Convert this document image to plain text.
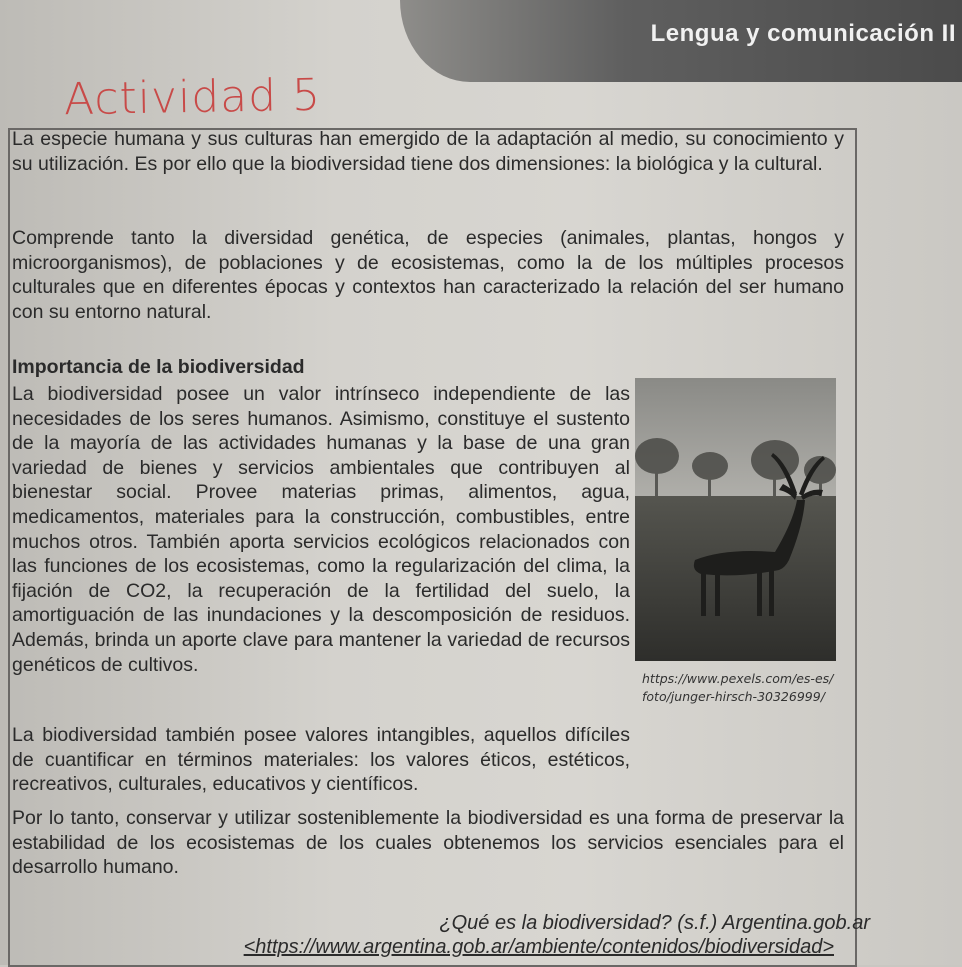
Lengua y comunicación II
Actividad 5
La especie humana y sus culturas han emergido de la adaptación al medio, su conocimiento y su utilización. Es por ello que la biodiversidad tiene dos dimensiones: la biológica y la cultural.
Comprende tanto la diversidad genética, de especies (animales, plantas, hongos y microorganismos), de poblaciones y de ecosistemas, como la de los múltiples procesos culturales que en diferentes épocas y contextos han caracterizado la relación del ser humano con su entorno natural.
Importancia de la biodiversidad
La biodiversidad posee un valor intrínseco independiente de las necesidades de los seres humanos. Asimismo, constituye el sustento de la mayoría de las actividades humanas y la base de una gran variedad de bienes y servicios ambientales que contribuyen al bienestar social. Provee materias primas, alimentos, agua, medicamentos, materiales para la construcción, combustibles, entre muchos otros. También aporta servicios ecológicos relacionados con las funciones de los ecosistemas, como la regularización del clima, la fijación de CO2, la recuperación de la fertilidad del suelo, la amortiguación de las inundaciones y la descomposición de residuos. Además, brinda un aporte clave para mantener la variedad de recursos genéticos de cultivos.
https://www.pexels.com/es-es/foto/junger-hirsch-30326999/
La biodiversidad también posee valores intangibles, aquellos difíciles de cuantificar en términos materiales: los valores éticos, estéticos, recreativos, culturales, educativos y científicos.
Por lo tanto, conservar y utilizar sosteniblemente la biodiversidad es una forma de preservar la estabilidad de los ecosistemas de los cuales obtenemos los servicios esenciales para el desarrollo humano.
¿Qué es la biodiversidad? (s.f.) Argentina.gob.ar
<https://www.argentina.gob.ar/ambiente/contenidos/biodiversidad>
